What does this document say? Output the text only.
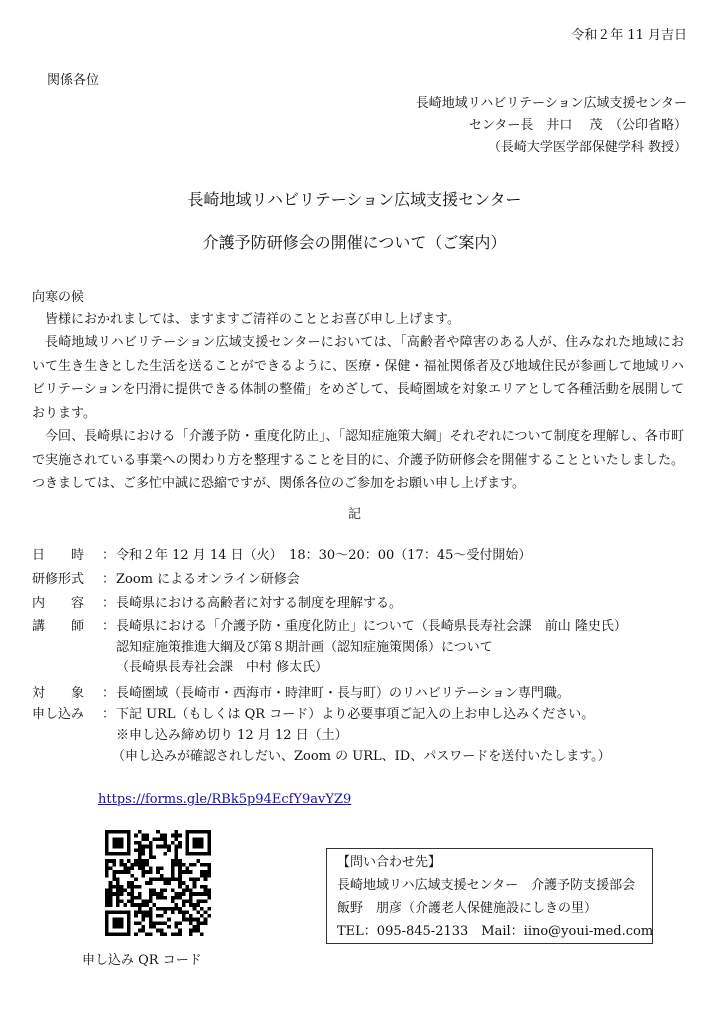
令和２年 11 月吉日
関係各位
長崎地域リハビリテーション広域支援センター
センター長　井口　 茂　（公印省略）
（長崎大学医学部保健学科 教授）
長崎地域リハビリテーション広域支援センター
介護予防研修会の開催について（ご案内）
向寒の候
皆様におかれましては、ますますご清祥のこととお喜び申し上げます。
長崎地域リハビリテーション広域支援センターにおいては、「高齢者や障害のある人が、住みなれた地域において生き生きとした生活を送ることができるように、医療・保健・福祉関係者及び地域住民が参画して地域リハビリテーションを円滑に提供できる体制の整備」をめざして、長崎圏域を対象エリアとして各種活動を展開しております。
今回、長崎県における「介護予防・重度化防止」、「認知症施策大綱」それぞれについて制度を理解し、各市町で実施されている事業への関わり方を整理することを目的に、介護予防研修会を開催することといたしました。つきましては、ご多忙中誠に恐縮ですが、関係各位のご参加をお願い申し上げます。
記
日　　時 ：令和２年 12 月 14 日（火）　18：30〜20：00（17：45〜受付開始）
研修形式 ：Zoom によるオンライン研修会
内　　容 ：長崎県における高齢者に対する制度を理解する。
講　　師 ：長崎県における「介護予防・重度化防止」について（長崎県長寿社会課　前山 隆史氏）
認知症施策推進大綱及び第８期計画（認知症施策関係）について
（長崎県長寿社会課　中村 修太氏）
対　　象 ：長崎圏域（長崎市・西海市・時津町・長与町）のリハビリテーション専門職。
申し込み ：下記 URL（もしくは QR コード）より必要事項ご記入の上お申し込みください。
※申し込み締め切り 12 月 12 日（土）
（申し込みが確認されしだい、Zoom の URL、ID、パスワードを送付いたします。）
https://forms.gle/RBk5p94EcfY9avYZ9
申し込み QR コード
【問い合わせ先】
長崎地域リハ広域支援センター　介護予防支援部会
飯野　朋彦（介護老人保健施設にしきの里）
TEL：095-845-2133　Mail：iino@youi-med.com
